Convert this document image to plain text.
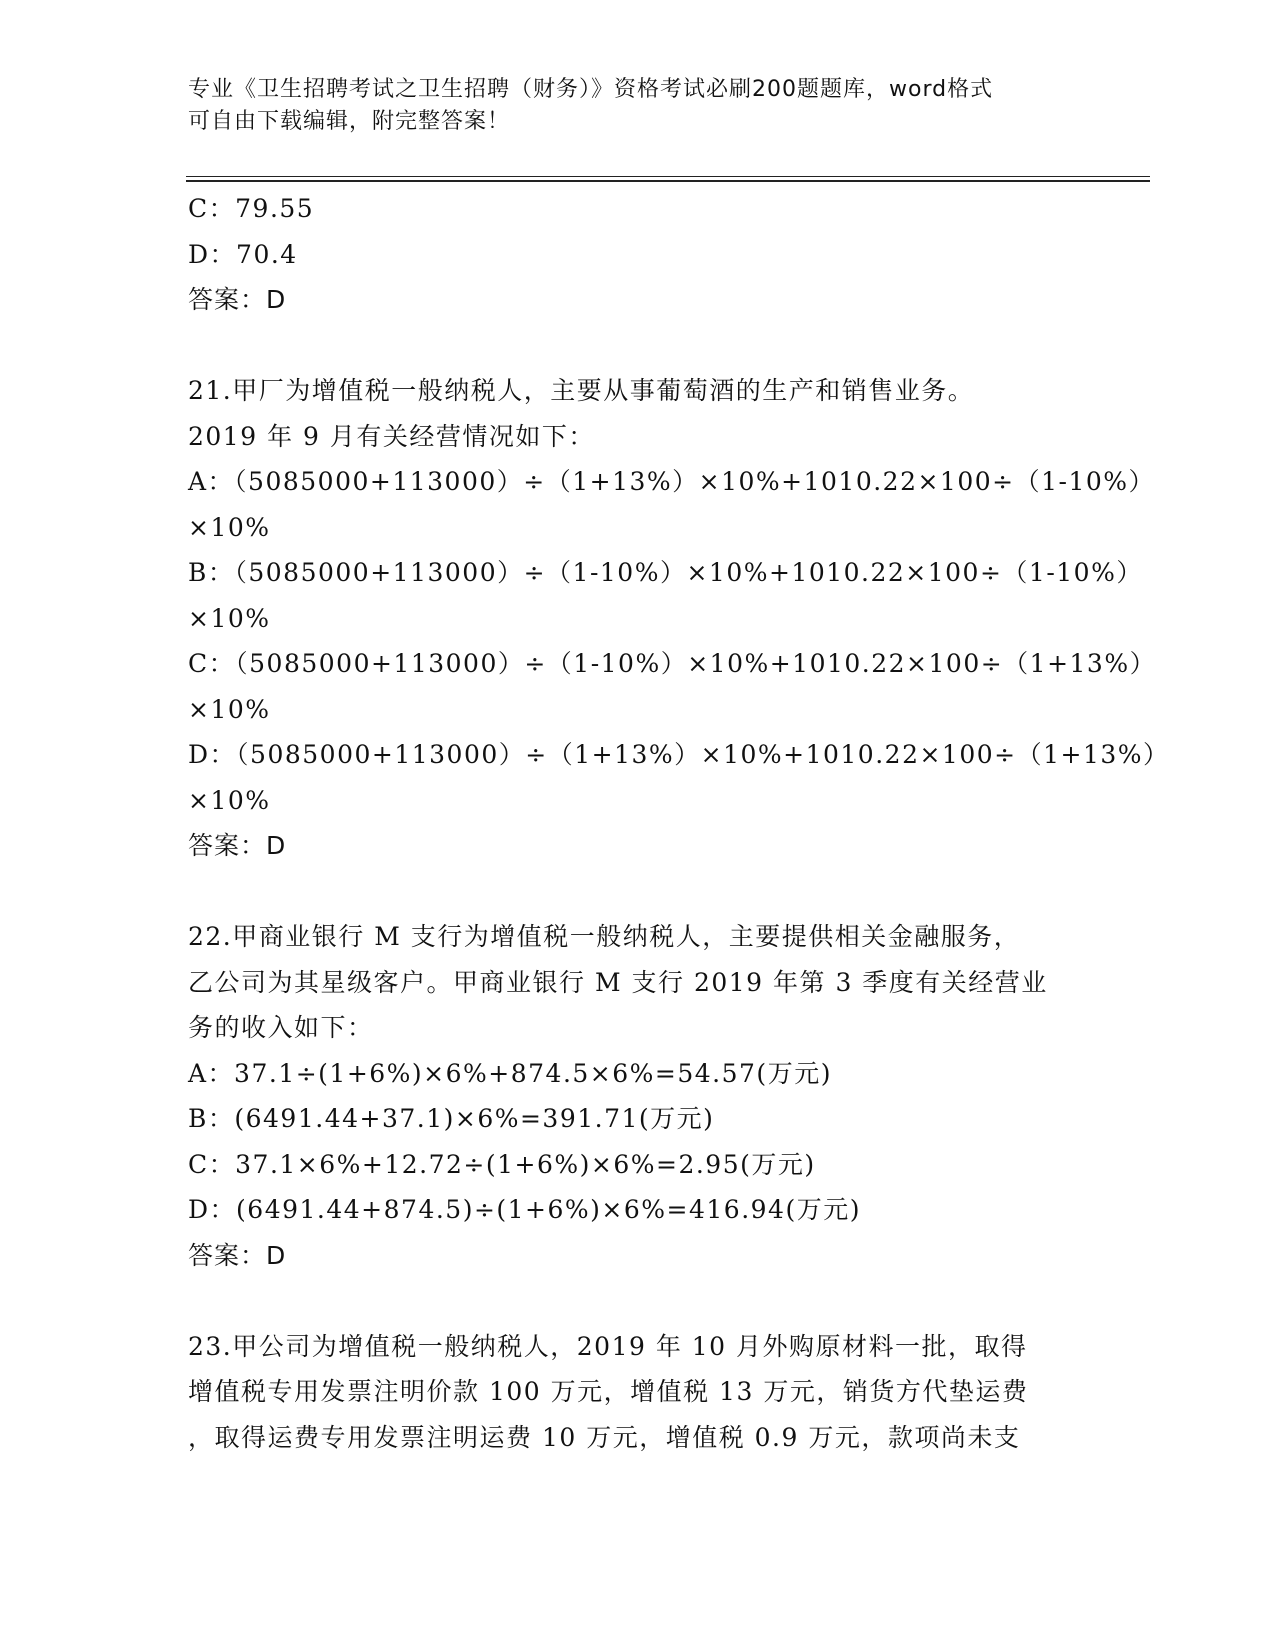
专业《卫生招聘考试之卫生招聘（财务）》资格考试必刷200题题库，word格式
可自由下载编辑，附完整答案！
C：79.55
D：70.4
答案：D
21.甲厂为增值税一般纳税人，主要从事葡萄酒的生产和销售业务。
2019 年 9 月有关经营情况如下：
A：（5085000+113000）÷（1+13%）×10%+1010.22×100÷（1-10%）
×10%
B：（5085000+113000）÷（1-10%）×10%+1010.22×100÷（1-10%）
×10%
C：（5085000+113000）÷（1-10%）×10%+1010.22×100÷（1+13%）
×10%
D：（5085000+113000）÷（1+13%）×10%+1010.22×100÷（1+13%）
×10%
答案：D
22.甲商业银行 M 支行为增值税一般纳税人，主要提供相关金融服务，
乙公司为其星级客户。甲商业银行 M 支行 2019 年第 3 季度有关经营业
务的收入如下：
A：37.1÷(1+6%)×6%+874.5×6%=54.57(万元)
B：(6491.44+37.1)×6%=391.71(万元)
C：37.1×6%+12.72÷(1+6%)×6%=2.95(万元)
D：(6491.44+874.5)÷(1+6%)×6%=416.94(万元)
答案：D
23.甲公司为增值税一般纳税人，2019 年 10 月外购原材料一批，取得
增值税专用发票注明价款 100 万元，增值税 13 万元，销货方代垫运费
，取得运费专用发票注明运费 10 万元，增值税 0.9 万元，款项尚未支
